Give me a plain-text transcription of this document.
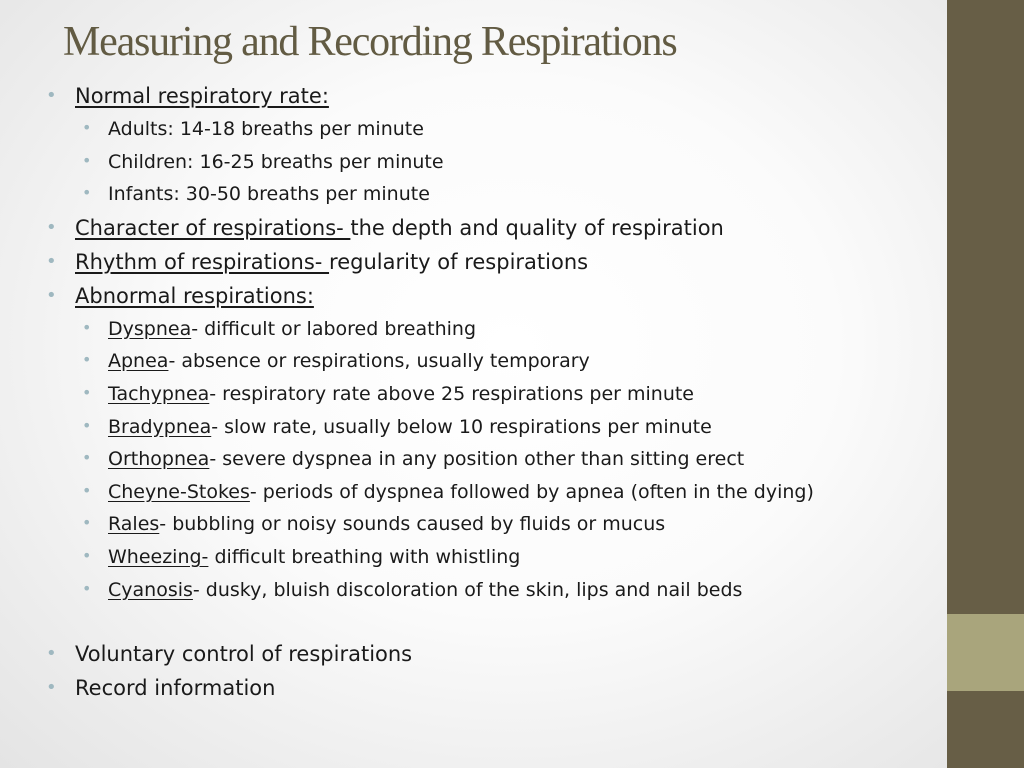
Measuring and Recording Respirations
• Normal respiratory rate:
• Adults: 14-18 breaths per minute
• Children: 16-25 breaths per minute
• Infants: 30-50 breaths per minute
• Character of respirations- the depth and quality of respiration
• Rhythm of respirations- regularity of respirations
• Abnormal respirations:
• Dyspnea- difficult or labored breathing
• Apnea- absence or respirations, usually temporary
• Tachypnea- respiratory rate above 25 respirations per minute
• Bradypnea- slow rate, usually below 10 respirations per minute
• Orthopnea- severe dyspnea in any position other than sitting erect
• Cheyne-Stokes- periods of dyspnea followed by apnea (often in the dying)
• Rales- bubbling or noisy sounds caused by fluids or mucus
• Wheezing- difficult breathing with whistling
• Cyanosis- dusky, bluish discoloration of the skin, lips and nail beds
• Voluntary control of respirations
• Record information
